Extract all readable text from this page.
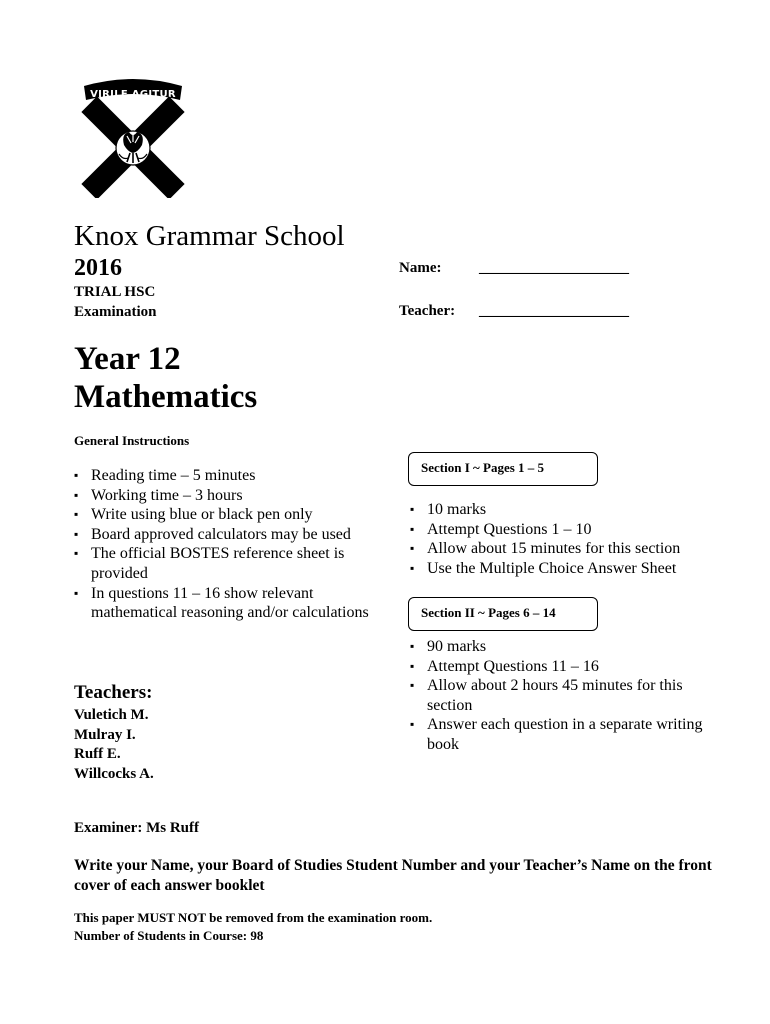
VIRILE AGITUR
Knox Grammar School
2016
TRIAL HSC
Examination
Name:	____________________
Teacher: ____________________
Year 12
Mathematics
General Instructions
▪ Reading time – 5 minutes
▪ Working time – 3 hours
▪ Write using blue or black pen only
▪ Board approved calculators may be used
▪ The official BOSTES reference sheet is provided
▪ In questions 11 – 16 show relevant mathematical reasoning and/or calculations
Section I ~ Pages 1 – 5
▪ 10 marks
▪ Attempt Questions 1 – 10
▪ Allow about 15 minutes for this section
▪ Use the Multiple Choice Answer Sheet
Section II ~ Pages 6 – 14
▪ 90 marks
▪ Attempt Questions 11 – 16
▪ Allow about 2 hours 45 minutes for this section
▪ Answer each question in a separate writing book
Teachers:
Vuletich M.
Mulray I.
Ruff E.
Willcocks A.
Examiner: Ms Ruff
Write your Name, your Board of Studies Student Number and your Teacher’s Name on the front cover of each answer booklet
This paper MUST NOT be removed from the examination room.
Number of Students in Course: 98
